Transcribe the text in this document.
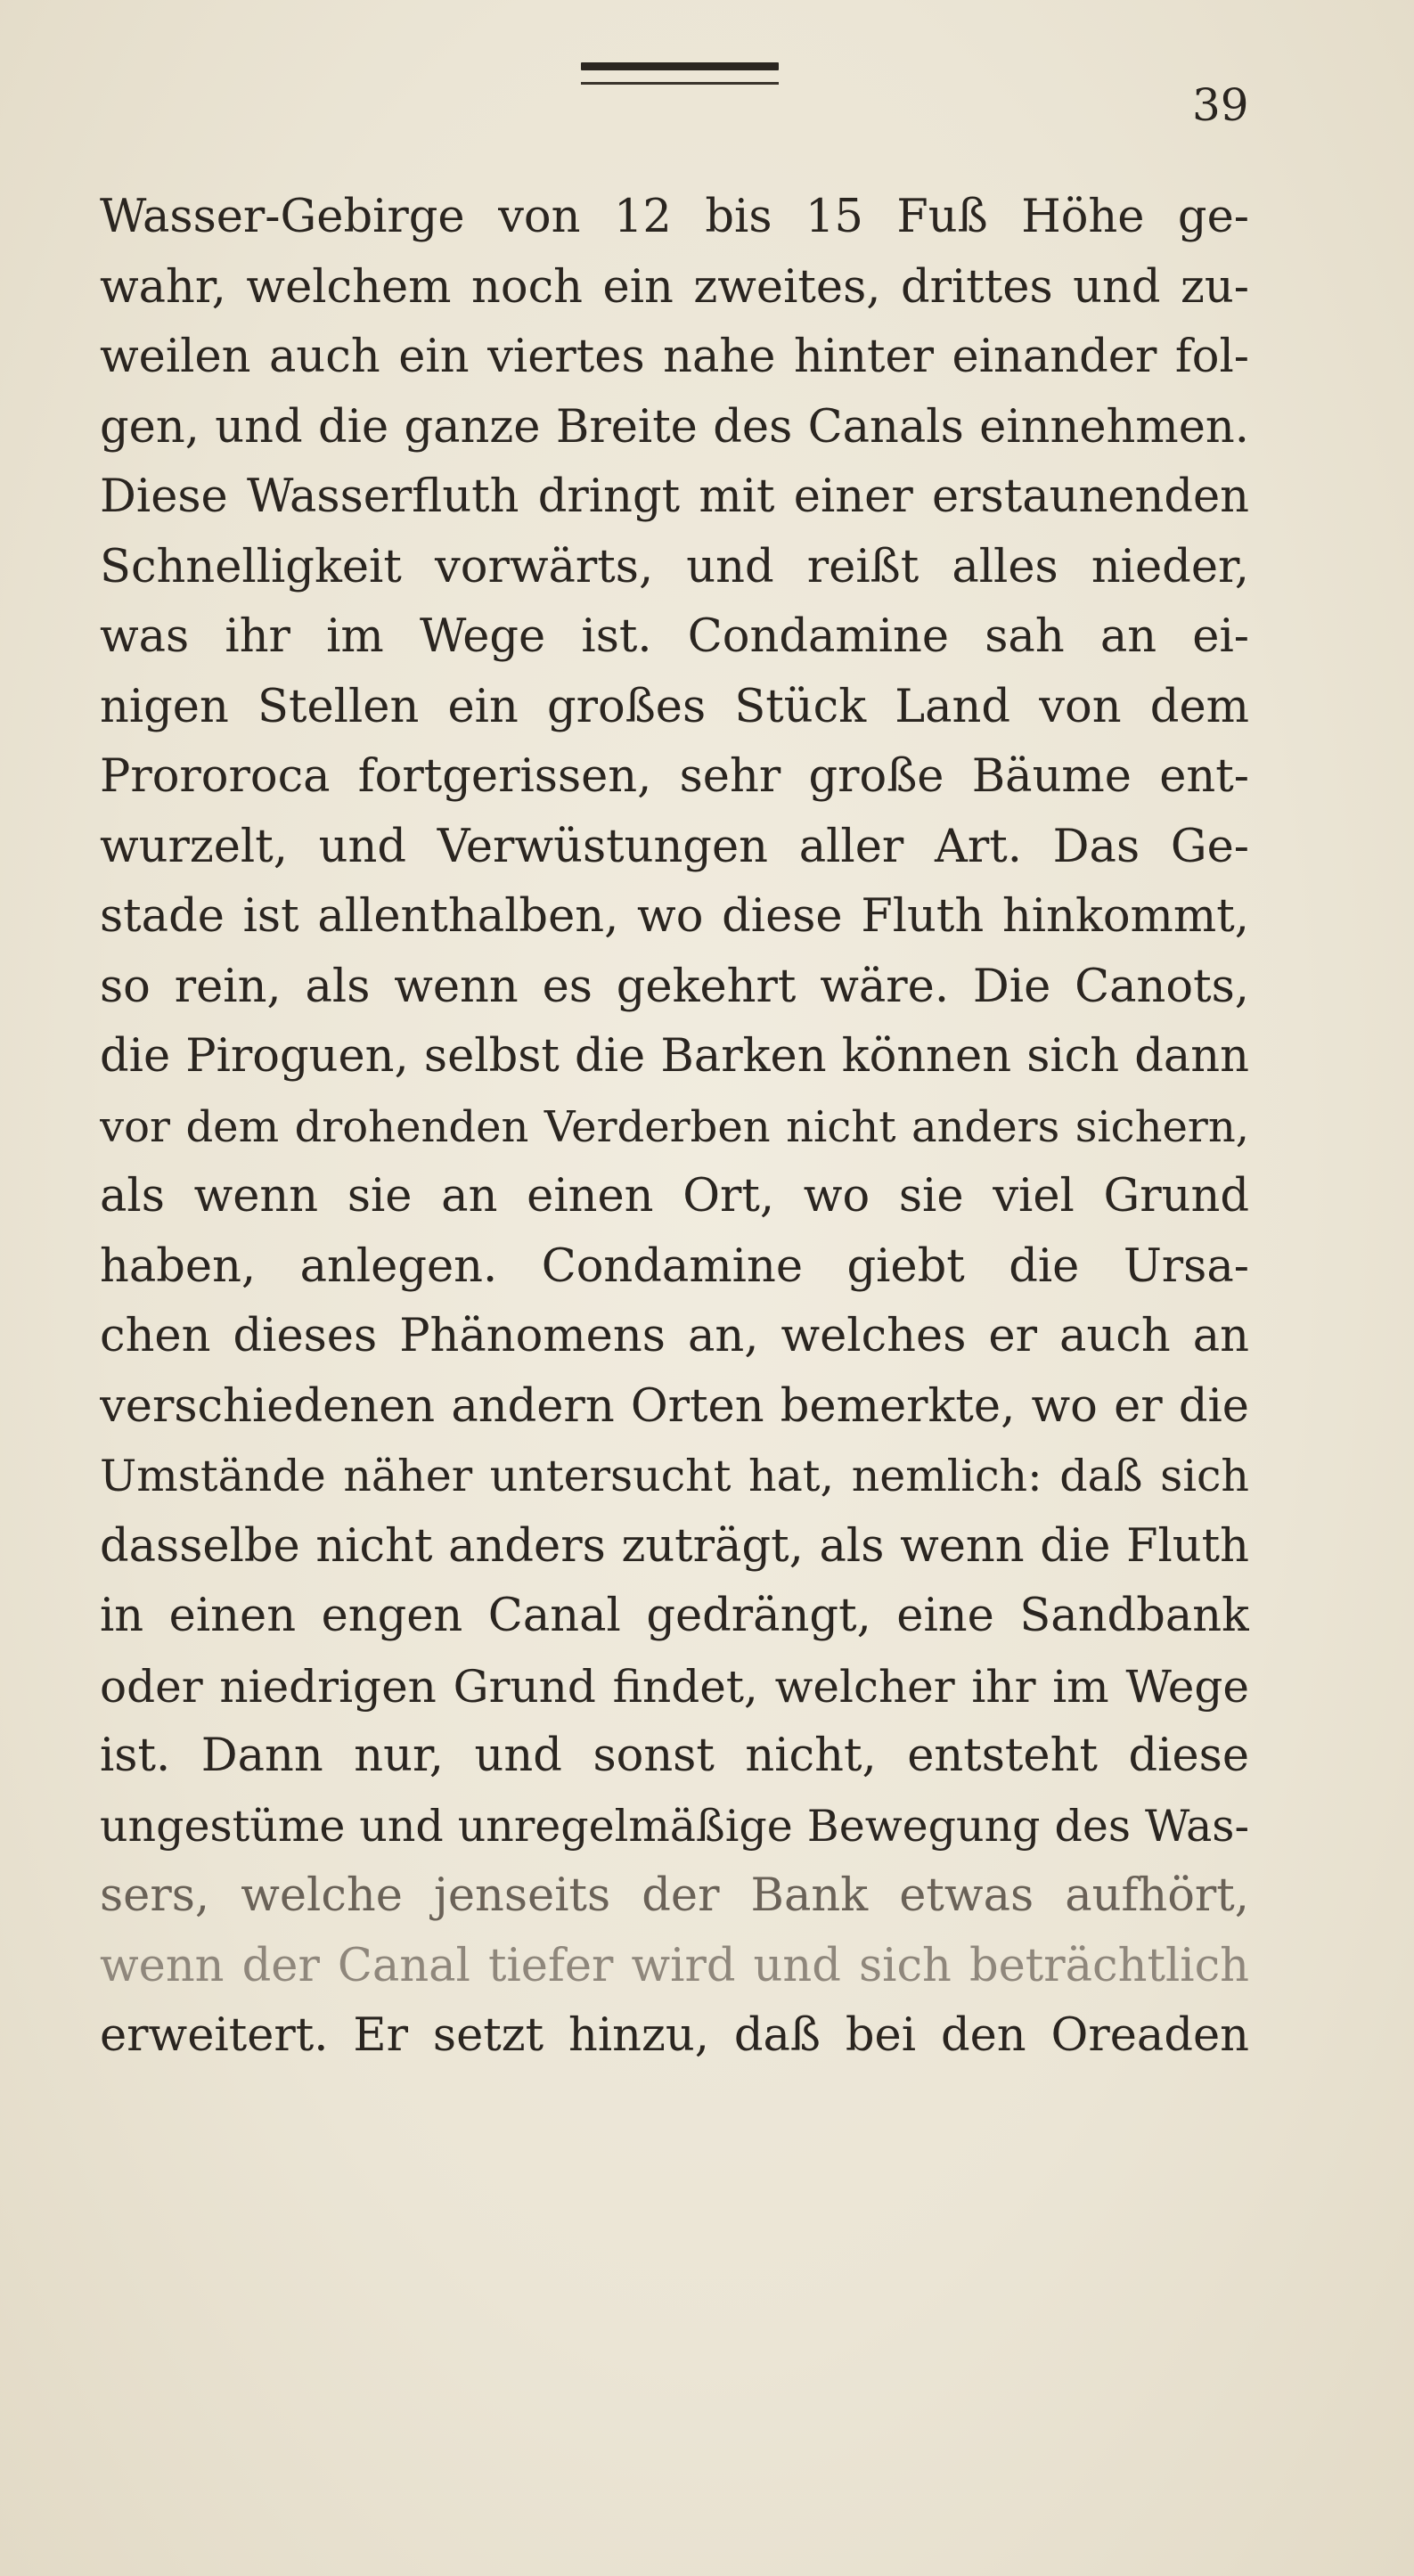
39
Wasser-Gebirge von 12 bis 15 Fuß Höhe ge-
wahr, welchem noch ein zweites, drittes und zu-
weilen auch ein viertes nahe hinter einander fol-
gen, und die ganze Breite des Canals einnehmen.
Diese Wasserfluth dringt mit einer erstaunenden
Schnelligkeit vorwärts, und reißt alles nieder,
was ihr im Wege ist. Condamine sah an ei-
nigen Stellen ein großes Stück Land von dem
Prororoca fortgerissen, sehr große Bäume ent-
wurzelt, und Verwüstungen aller Art. Das Ge-
stade ist allenthalben, wo diese Fluth hinkommt,
so rein, als wenn es gekehrt wäre. Die Canots,
die Piroguen, selbst die Barken können sich dann
vor dem drohenden Verderben nicht anders sichern,
als wenn sie an einen Ort, wo sie viel Grund
haben, anlegen. Condamine giebt die Ursa-
chen dieses Phänomens an, welches er auch an
verschiedenen andern Orten bemerkte, wo er die
Umstände näher untersucht hat, nemlich: daß sich
dasselbe nicht anders zuträgt, als wenn die Fluth
in einen engen Canal gedrängt, eine Sandbank
oder niedrigen Grund findet, welcher ihr im Wege
ist. Dann nur, und sonst nicht, entsteht diese
ungestüme und unregelmäßige Bewegung des Was-
sers, welche jenseits der Bank etwas aufhört,
wenn der Canal tiefer wird und sich beträchtlich
erweitert. Er setzt hinzu, daß bei den Oreaden
